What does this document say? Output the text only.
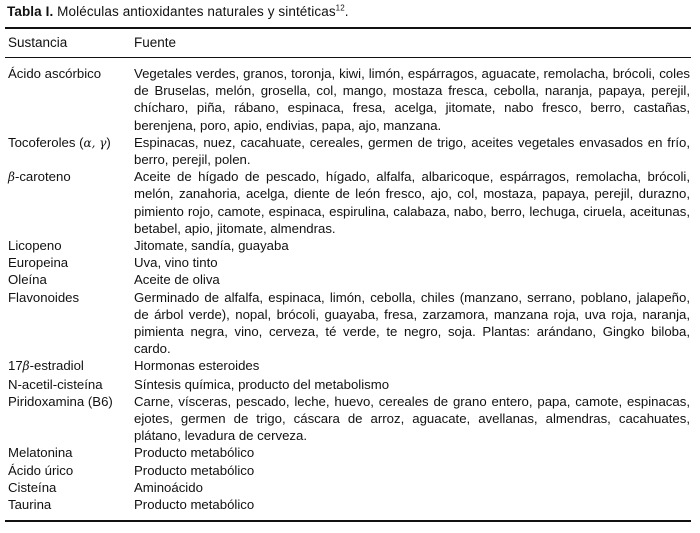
Tabla I. Moléculas antioxidantes naturales y sintéticas$^{12}$.
Sustancia	Fuente
Ácido ascórbico	Vegetales verdes, granos, toronja, kiwi, limón, espárragos, aguacate, remolacha, brócoli, coles de Bruselas, melón, grosella, col, mango, mostaza fresca, cebolla, naranja, papaya, perejil, chícharo, piña, rábano, espinaca, fresa, acelga, jitomate, nabo fresco, berro, castañas, berenjena, poro, apio, endivias, papa, ajo, manzana.
Tocoferoles (α, γ)	Espinacas, nuez, cacahuate, cereales, germen de trigo, aceites vegetales envasados en frío, berro, perejil, polen.
β-caroteno	Aceite de hígado de pescado, hígado, alfalfa, albaricoque, espárragos, remolacha, brócoli, melón, zanahoria, acelga, diente de león fresco, ajo, col, mostaza, papaya, perejil, durazno, pimiento rojo, camote, espinaca, espirulina, calabaza, nabo, berro, lechuga, ciruela, aceitunas, betabel, apio, jitomate, almendras.
Licopeno	Jitomate, sandía, guayaba
Europeina	Uva, vino tinto
Oleína	Aceite de oliva
Flavonoides	Germinado de alfalfa, espinaca, limón, cebolla, chiles (manzano, serrano, poblano, jalapeño, de árbol verde), nopal, brócoli, guayaba, fresa, zarzamora, manzana roja, uva roja, naranja, pimienta negra, vino, cerveza, té verde, te negro, soja. Plantas: arándano, Gingko biloba, cardo.
17β-estradiol	Hormonas esteroides
N-acetil-cisteína	Síntesis química, producto del metabolismo
Piridoxamina (B6)	Carne, vísceras, pescado, leche, huevo, cereales de grano entero, papa, camote, espinacas, ejotes, germen de trigo, cáscara de arroz, aguacate, avellanas, almendras, cacahuates, plátano, levadura de cerveza.
Melatonina	Producto metabólico
Ácido úrico	Producto metabólico
Cisteína	Aminoácido
Taurina	Producto metabólico
